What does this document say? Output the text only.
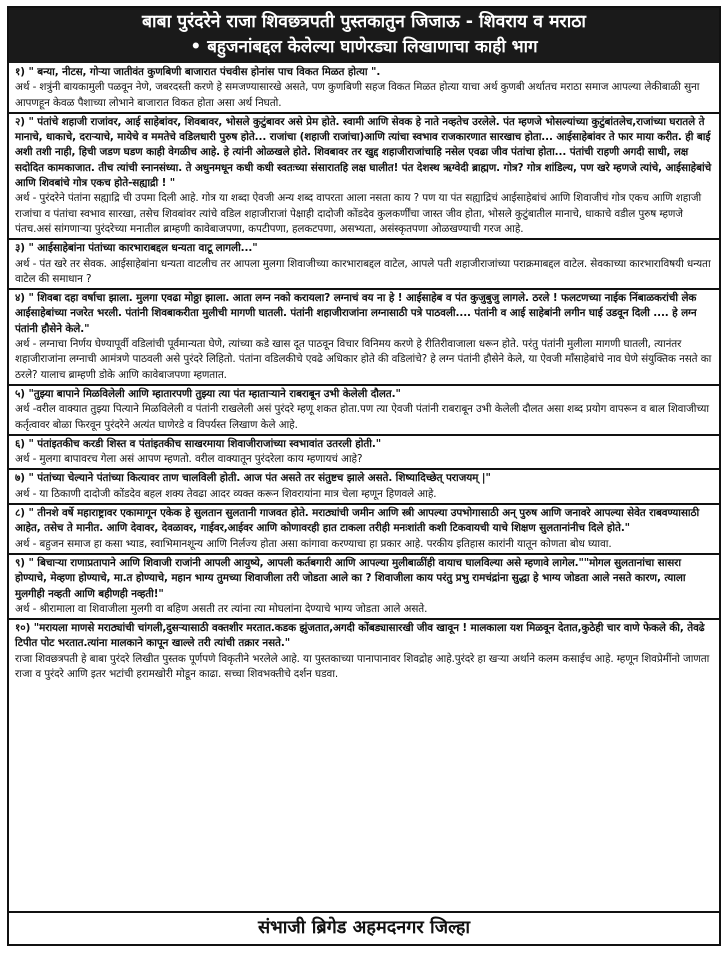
बाबा पुरंदरेने राजा शिवछत्रपती पुस्तकातुन जिजाऊ - शिवराय व मराठा
• बहुजनांबद्दल केलेल्या घाणेरड्या लिखाणाचा काही भाग

१) " बन्या, नीटस, गोऱ्या जातीवंत कुणबिणी बाजारात पंचवीस होनांस पाच विकत मिळत होत्या ".

अर्थ - शत्रुंनी बायकामुली पळवून नेणे, जबरदस्ती करणे हे समजण्यासारखे असते, पण कुणबिणी सहज विकत मिळत होत्या याचा अर्थ कुणबी अर्थातच मराठा समाज आपल्या लेकीबाळी सुना आपणहून केवळ पैशाच्या लोभाने बाजारात विकत होता असा अर्थ निघतो.

२) " पंतांचे शहाजी राजांवर, आई साहेबांवर, शिवबावर, भोसले कुटुंबावर असे प्रेम होते. स्वामी आणि सेवक हे नाते नव्हतेच उरलेले. पंत म्हणजे भोसल्यांच्या कुटुंबांतलेच,राजांच्या घरातले ते मानाचे, धाकाचे, दराऱ्याचे, मायेचे व ममतेचे वडिलधारी पुरुष होते... राजांचा (शहाजी राजांचा)आणि त्यांचा स्वभाव राजकारणात सारखाच होता... आईसाहेबांवर ते फार माया करीत. ही बाई अशी तशी नाही, हिची जडण घडण काही वेगळीच आहे. हे त्यांनी ओळखले होते. शिवबावर तर खुद्द शहाजीराजांचाहि नसेल एवढा जीव पंतांचा होता... पंतांची राहणी अगदी साधी, लक्ष सदोदित कामकाजात. तीच त्यांची स्नानसंध्या. ते अधुनमधून कधी कधी स्वतःच्या संसारातहि लक्ष घालीत! पंत देशस्थ ऋग्वेदी ब्राह्मण. गोत्र? गोत्र शांडिल्य, पण खरे म्हणजे त्यांचे, आईसाहेबांचे आणि शिवबांचे गोत्र एकच होते-सह्याद्री ! "

अर्थ - पुरंदरेने पंतांना सह्याद्रि ची उपमा दिली आहे. गोत्र या शब्दा ऐवजी अन्य शब्द वापरता आला नसता काय ? पण या पंत सह्याद्रिचं आईसाहेबांचं आणि शिवाजीचं गोत्र एकच आणि शहाजी राजांचा व पंतांचा स्वभाव सारखा, तसेच शिवबांवर त्यांचे वडिल शहाजीराजां पेक्षाही दादोजी कोंडदेव कुलकर्णींचा जास्त जीव होता, भोसले कुटुंबातील मानाचे, धाकाचे वडील पुरुष म्हणजे पंतच.असं सांगणाऱ्या पुरंदरेच्या मनातील ब्राम्हणी कावेबाजपणा, कपटीपणा, हलकटपणा, असभ्यता, असंस्कृतपणा ओळखण्याची गरज आहे.

३) " आईसाहेबांना पंतांच्या कारभाराबद्दल धन्यता वाटू लागली..."

अर्थ - पंत खरे तर सेवक. आईसाहेबांना धन्यता वाटलीच तर आपला मुलगा शिवाजीच्या कारभाराबद्दल वाटेल, आपले पती शहाजीराजांच्या पराक्रमाबद्दल वाटेल. सेवकाच्या कारभाराविषयी धन्यता वाटेल की समाधान ?

४) " शिवबा दहा वर्षाचा झाला. मुलगा एवढा मोठ्ठा झाला. आता लग्न नको करायला? लग्नाचं वय ना हे ! आईसाहेब व पंत कुजुबुजु लागले. ठरले ! फलटणच्या नाईक निंबाळकरांची लेक आईसाहेबांच्या नजरेत भरली. पंतांनी शिवबाकरीता मुलीची मागणी घातली. पंतांनी शहाजीराजांना लग्नासाठी पत्रे पाठवली.... पंतांनी व आई साहेबांनी लगीन घाई उडवून दिली .... हे लग्न पंतांनी हौसेने केले."

अर्थ - लग्नाचा निर्णय घेण्यापूर्वी वडिलांची पूर्वमान्यता घेणे, त्यांच्या कडे खास दूत पाठवून विचार विनिमय करणे हे रीतिरीवाजाला धरून होते. परंतु पंतांनी मुलीला मागणी घातली, त्यानंतर शहाजीराजांना लग्नाची आमंत्रणे पाठवली असे पुरंदरे लिहितो. पंतांना वडिलकीचे एवढे अधिकार होते की वडिलांचे? हे लग्न पंतांनी हौसेने केले, या ऐवजी माँसाहेबांचे नाव घेणे संयुक्तिक नसते का ठरले? यालाच ब्राम्हणी डोके आणि कावेबाजपणा म्हणतात.

५) "तुझ्या बापाने मिळविलेली आणि म्हातारपणी तुझ्या त्या पंत म्हाताऱ्याने राबराबून उभी केलेली दौलत."

अर्थ -वरील वाक्यात तुझ्या पित्याने मिळविलेली व पंतांनी राखलेली असं पुरंदरे म्हणू शकत होता.पण त्या ऐवजी पंतांनी राबराबून उभी केलेली दौलत असा शब्द प्रयोग वापरून व बाल शिवाजीच्या कर्तृत्वावर बोळा फिरवून पुरंदरेने अत्यंत घाणेरडे व विपर्यस्त लिखाण केले आहे.

६) " पंतांइतकीच करडी शिस्त व पंतांइतकीच साखरमाया शिवाजीराजांच्या स्वभावांत उतरली होती."

अर्थ - मुलगा बापावरच गेला असं आपण म्हणतो. वरील वाक्यातून पुरंदरेला काय म्हणायचं आहे?

७) " पंतांच्या चेल्याने पंतांच्या कित्यावर ताण चालविली होती. आज पंत असते तर संतुष्टच झाले असते. शिष्यादिच्छेत् पराजयम् |"

अर्थ - या ठिकाणी दादोजी कोंडदेव बहल शक्य तेवढा आदर व्यक्त करून शिवरायांना मात्र चेला म्हणून हिणवले आहे.

८) " तीनशे वर्षे महाराष्ट्रावर एकामागून एकेक हे सुलतान सुलतानी गाजवत होते. मराठ्यांची जमीन आणि स्त्री आपल्या उपभोगासाठी अन् पुरुष आणि जनावरे आपल्या सेवेत राबवण्यासाठी आहेत, तसेच ते मानीत. आणि देवावर, देवळावर, गाईवर,आईवर आणि कोणावरही हात टाकला तरीही मनःशांती कशी टिकवायची याचे शिक्षण सुलतानांनीच दिले होते."

अर्थ - बहुजन समाज हा कसा भ्याड, स्वाभिमानशून्य आणि निर्लज्य होता असा कांगावा करण्याचा हा प्रकार आहे. परकीय इतिहास कारांनी यातून कोणता बोध घ्यावा.

९) " बिचाऱ्या राणाप्रतापाने आणि शिवाजी राजांनी आपली आयुष्ये, आपली कर्तबगारी आणि आपल्या मुलीबाळींही वायाच घालविल्या असे म्हणावे लागेल.""मोगल सुलतानांचा सासरा होण्याचे, मेव्हणा होण्याचे, मा.त होण्याचे, महान भाग्य तुमच्या शिवाजीला तरी जोडता आले का ? शिवाजीला काय परंतु प्रभु रामचंद्रांना सुद्धा हे भाग्य जोडता आले नसते कारण, त्याला मुलगीही नव्हती आणि बहीणही नव्हती!"

अर्थ - श्रीरामाला वा शिवाजीला मुलगी वा बहिण असती तर त्यांना त्या मोघलांना देण्याचे भाग्य जोडता आले असते.

१०) "मरायला माणसे मराठ्यांची चांगली,दुसऱ्यासाठी वक्तशीर मरतात.कडक झुंजतात,अगदी कोंबड्यासारखी जीव खावून ! मालकाला यश मिळवून देतात,कुठेही चार वाणे फेकले की, तेवढे टिपीत पोट भरतात.त्यांना मालकाने कापून खाल्ले तरी त्यांची तक्रार नसते."

राजा शिवछत्रपती हे बाबा पुरंदरे लिखीत पुस्तक पूर्णपणे विकृतीने भरलेले आहे. या पुस्तकाच्या पानापानावर शिवद्रोह आहे.पुरंदरे हा खऱ्या अर्थाने कलम कसाईच आहे. म्हणून शिवप्रेमींनो जाणता राजा व पुरंदरे आणि इतर भटांची हरामखोरी मोडून काढा. सच्चा शिवभक्तीचे दर्शन घडवा.

संभाजी ब्रिगेड अहमदनगर जिल्हा
